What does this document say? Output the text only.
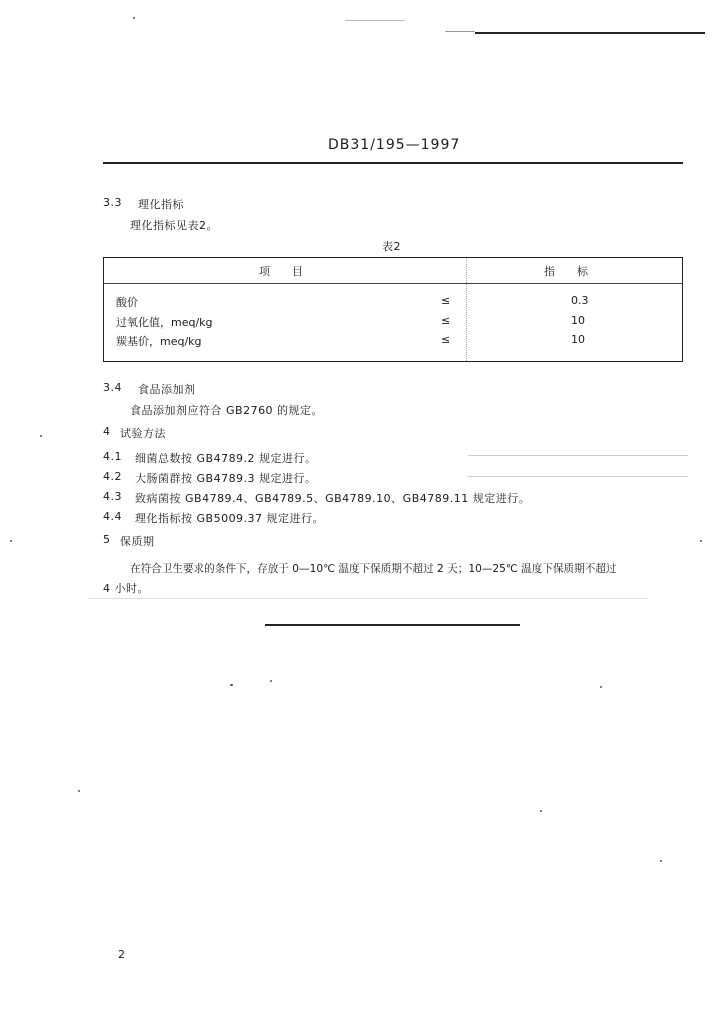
DB31/195—1997
3.3 理化指标
理化指标见表2。
表2
项　　目	指　　标
酸价	≤	0.3
过氧化值，meq/kg	≤	10
羰基价，meq/kg	≤	10
3.4 食品添加剂
食品添加剂应符合 GB2760 的规定。
4 试验方法
4.1 细菌总数按 GB4789.2 规定进行。
4.2 大肠菌群按 GB4789.3 规定进行。
4.3 致病菌按 GB4789.4、GB4789.5、GB4789.10、GB4789.11 规定进行。
4.4 理化指标按 GB5009.37 规定进行。
5 保质期
在符合卫生要求的条件下，存放于 0—10℃ 温度下保质期不超过 2 天；10—25℃ 温度下保质期不超过
4 小时。
2
